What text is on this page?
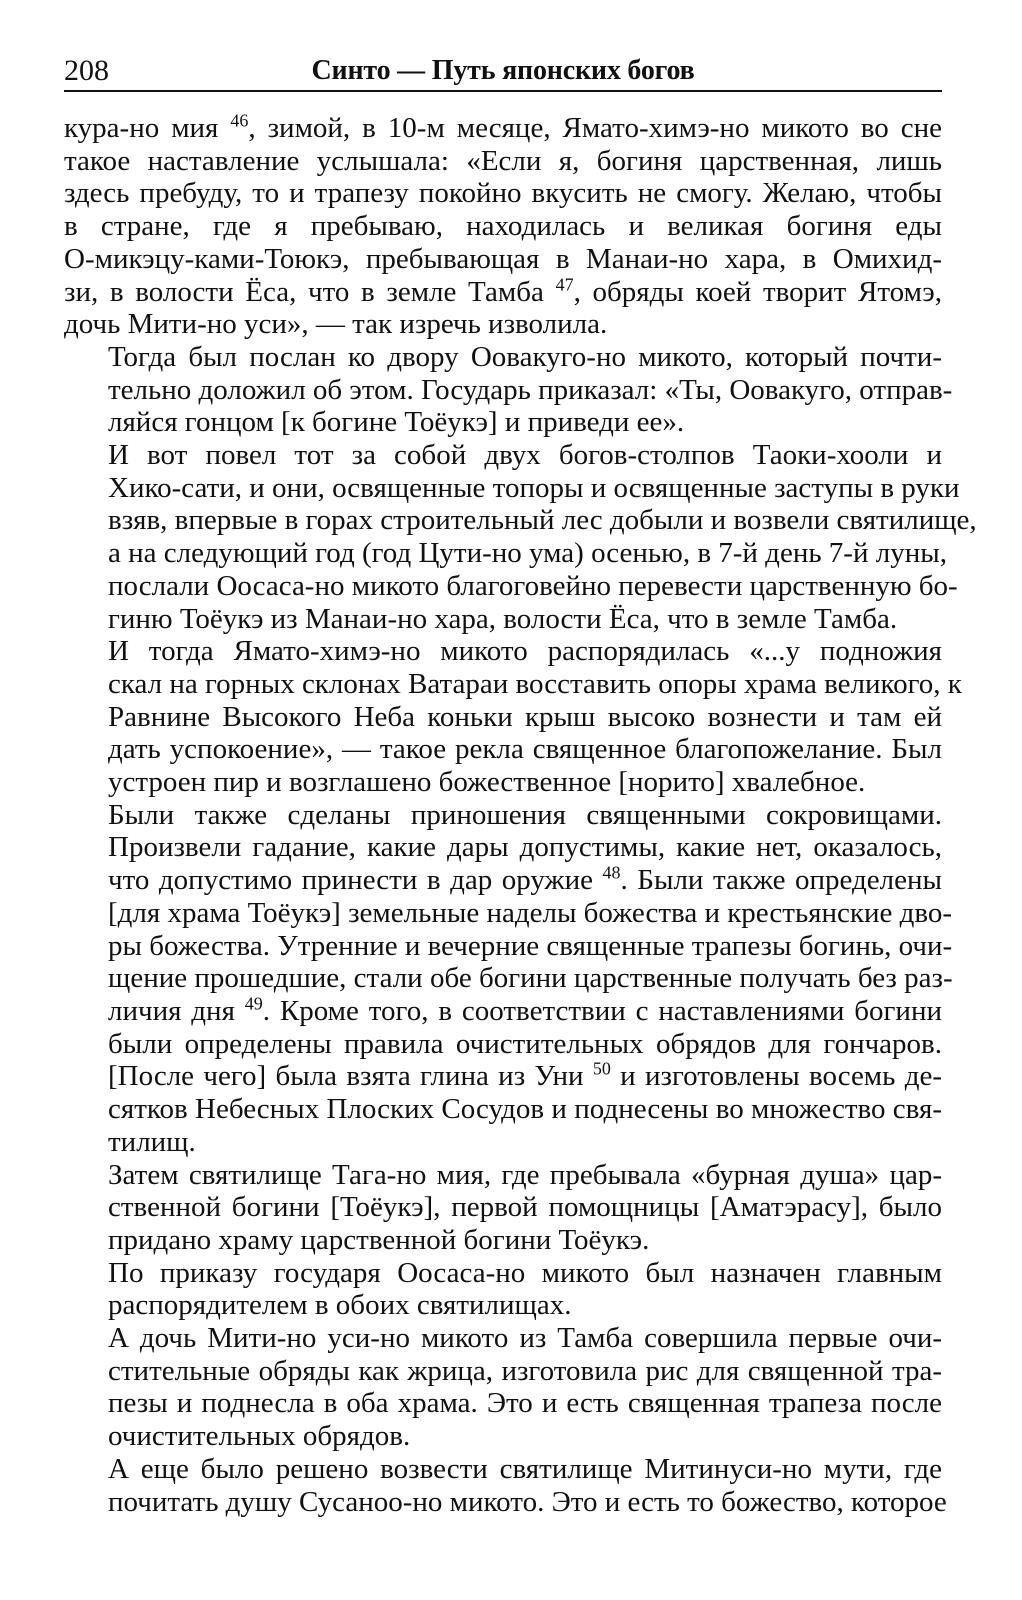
208	Синто — Путь японских богов

кура-но мия $^{46}$, зимой, в 10-м месяце, Ямато-химэ-но микото во сне
такое наставление услышала: «Если я, богиня царственная, лишь
здесь пребуду, то и трапезу покойно вкусить не смогу. Желаю, чтобы
в стране, где я пребываю, находилась и великая богиня еды
О-микэцу-ками-Тоюкэ, пребывающая в Манаи-но хара, в Омихид-
зи, в волости Ёса, что в земле Тамба $^{47}$, обряды коей творит Ятомэ,
дочь Мити-но уси», — так изречь изволила.

Тогда был послан ко двору Оовакуго-но микото, который почти-
тельно доложил об этом. Государь приказал: «Ты, Оовакуго, отправ-
ляйся гонцом [к богине Тоёукэ] и приведи ее».

И вот повел тот за собой двух богов-столпов Таоки-хооли и
Хико-сати, и они, освященные топоры и освященные заступы в руки
взяв, впервые в горах строительный лес добыли и возвели святилище,
а на следующий год (год Цути-но ума) осенью, в 7-й день 7-й луны,
послали Оосаса-но микото благоговейно перевести царственную бо-
гиню Тоёукэ из Манаи-но хара, волости Ёса, что в земле Тамба.

И тогда Ямато-химэ-но микото распорядилась «...у подножия
скал на горных склонах Ватараи восставить опоры храма великого, к
Равнине Высокого Неба коньки крыш высоко вознести и там ей
дать успокоение», — такое рекла священное благопожелание. Был
устроен пир и возглашено божественное [норито] хвалебное.

Были также сделаны приношения священными сокровищами.
Произвели гадание, какие дары допустимы, какие нет, оказалось,
что допустимо принести в дар оружие $^{48}$. Были также определены
[для храма Тоёукэ] земельные наделы божества и крестьянские дво-
ры божества. Утренние и вечерние священные трапезы богинь, очи-
щение прошедшие, стали обе богини царственные получать без раз-
личия дня $^{49}$. Кроме того, в соответствии с наставлениями богини
были определены правила очистительных обрядов для гончаров.
[После чего] была взята глина из Уни $^{50}$ и изготовлены восемь де-
сятков Небесных Плоских Сосудов и поднесены во множество свя-
тилищ.

Затем святилище Тага-но мия, где пребывала «бурная душа» цар-
ственной богини [Тоёукэ], первой помощницы [Аматэрасу], было
придано храму царственной богини Тоёукэ.

По приказу государя Оосаса-но микото был назначен главным
распорядителем в обоих святилищах.

А дочь Мити-но уси-но микото из Тамба совершила первые очи-
стительные обряды как жрица, изготовила рис для священной тра-
пезы и поднесла в оба храма. Это и есть священная трапеза после
очистительных обрядов.

А еще было решено возвести святилище Митинуси-но мути, где
почитать душу Сусаноо-но микото. Это и есть то божество, которое
